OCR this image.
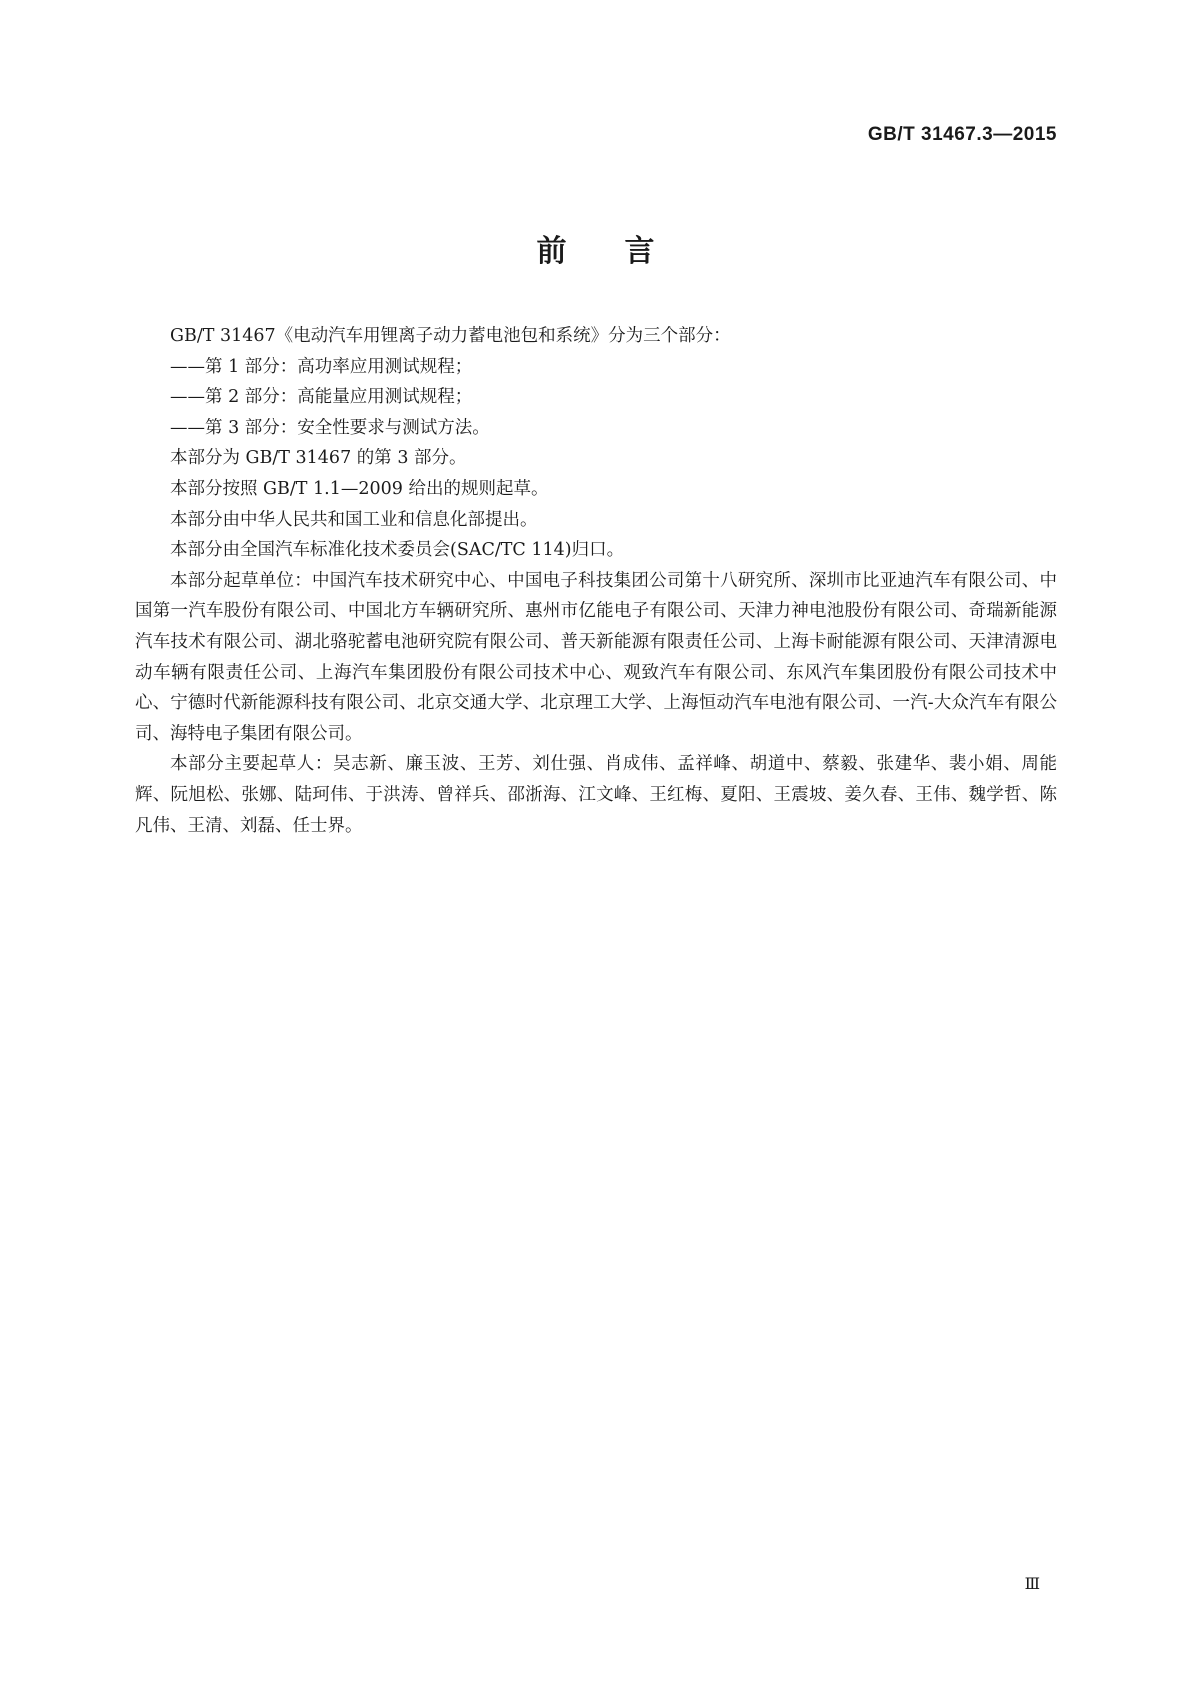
GB/T 31467.3—2015
前言

GB/T 31467《电动汽车用锂离子动力蓄电池包和系统》分为三个部分：

——第 1 部分：高功率应用测试规程；

——第 2 部分：高能量应用测试规程；

——第 3 部分：安全性要求与测试方法。

本部分为 GB/T 31467 的第 3 部分。

本部分按照 GB/T 1.1—2009 给出的规则起草。

本部分由中华人民共和国工业和信息化部提出。

本部分由全国汽车标准化技术委员会(SAC/TC 114)归口。

本部分起草单位：中国汽车技术研究中心、中国电子科技集团公司第十八研究所、深圳市比亚迪汽车有限公司、中国第一汽车股份有限公司、中国北方车辆研究所、惠州市亿能电子有限公司、天津力神电池股份有限公司、奇瑞新能源汽车技术有限公司、湖北骆驼蓄电池研究院有限公司、普天新能源有限责任公司、上海卡耐能源有限公司、天津清源电动车辆有限责任公司、上海汽车集团股份有限公司技术中心、观致汽车有限公司、东风汽车集团股份有限公司技术中心、宁德时代新能源科技有限公司、北京交通大学、北京理工大学、上海恒动汽车电池有限公司、一汽-大众汽车有限公司、海特电子集团有限公司。

本部分主要起草人：吴志新、廉玉波、王芳、刘仕强、肖成伟、孟祥峰、胡道中、蔡毅、张建华、裴小娟、周能辉、阮旭松、张娜、陆珂伟、于洪涛、曾祥兵、邵浙海、江文峰、王红梅、夏阳、王震坡、姜久春、王伟、魏学哲、陈凡伟、王清、刘磊、任士界。

Ⅲ
